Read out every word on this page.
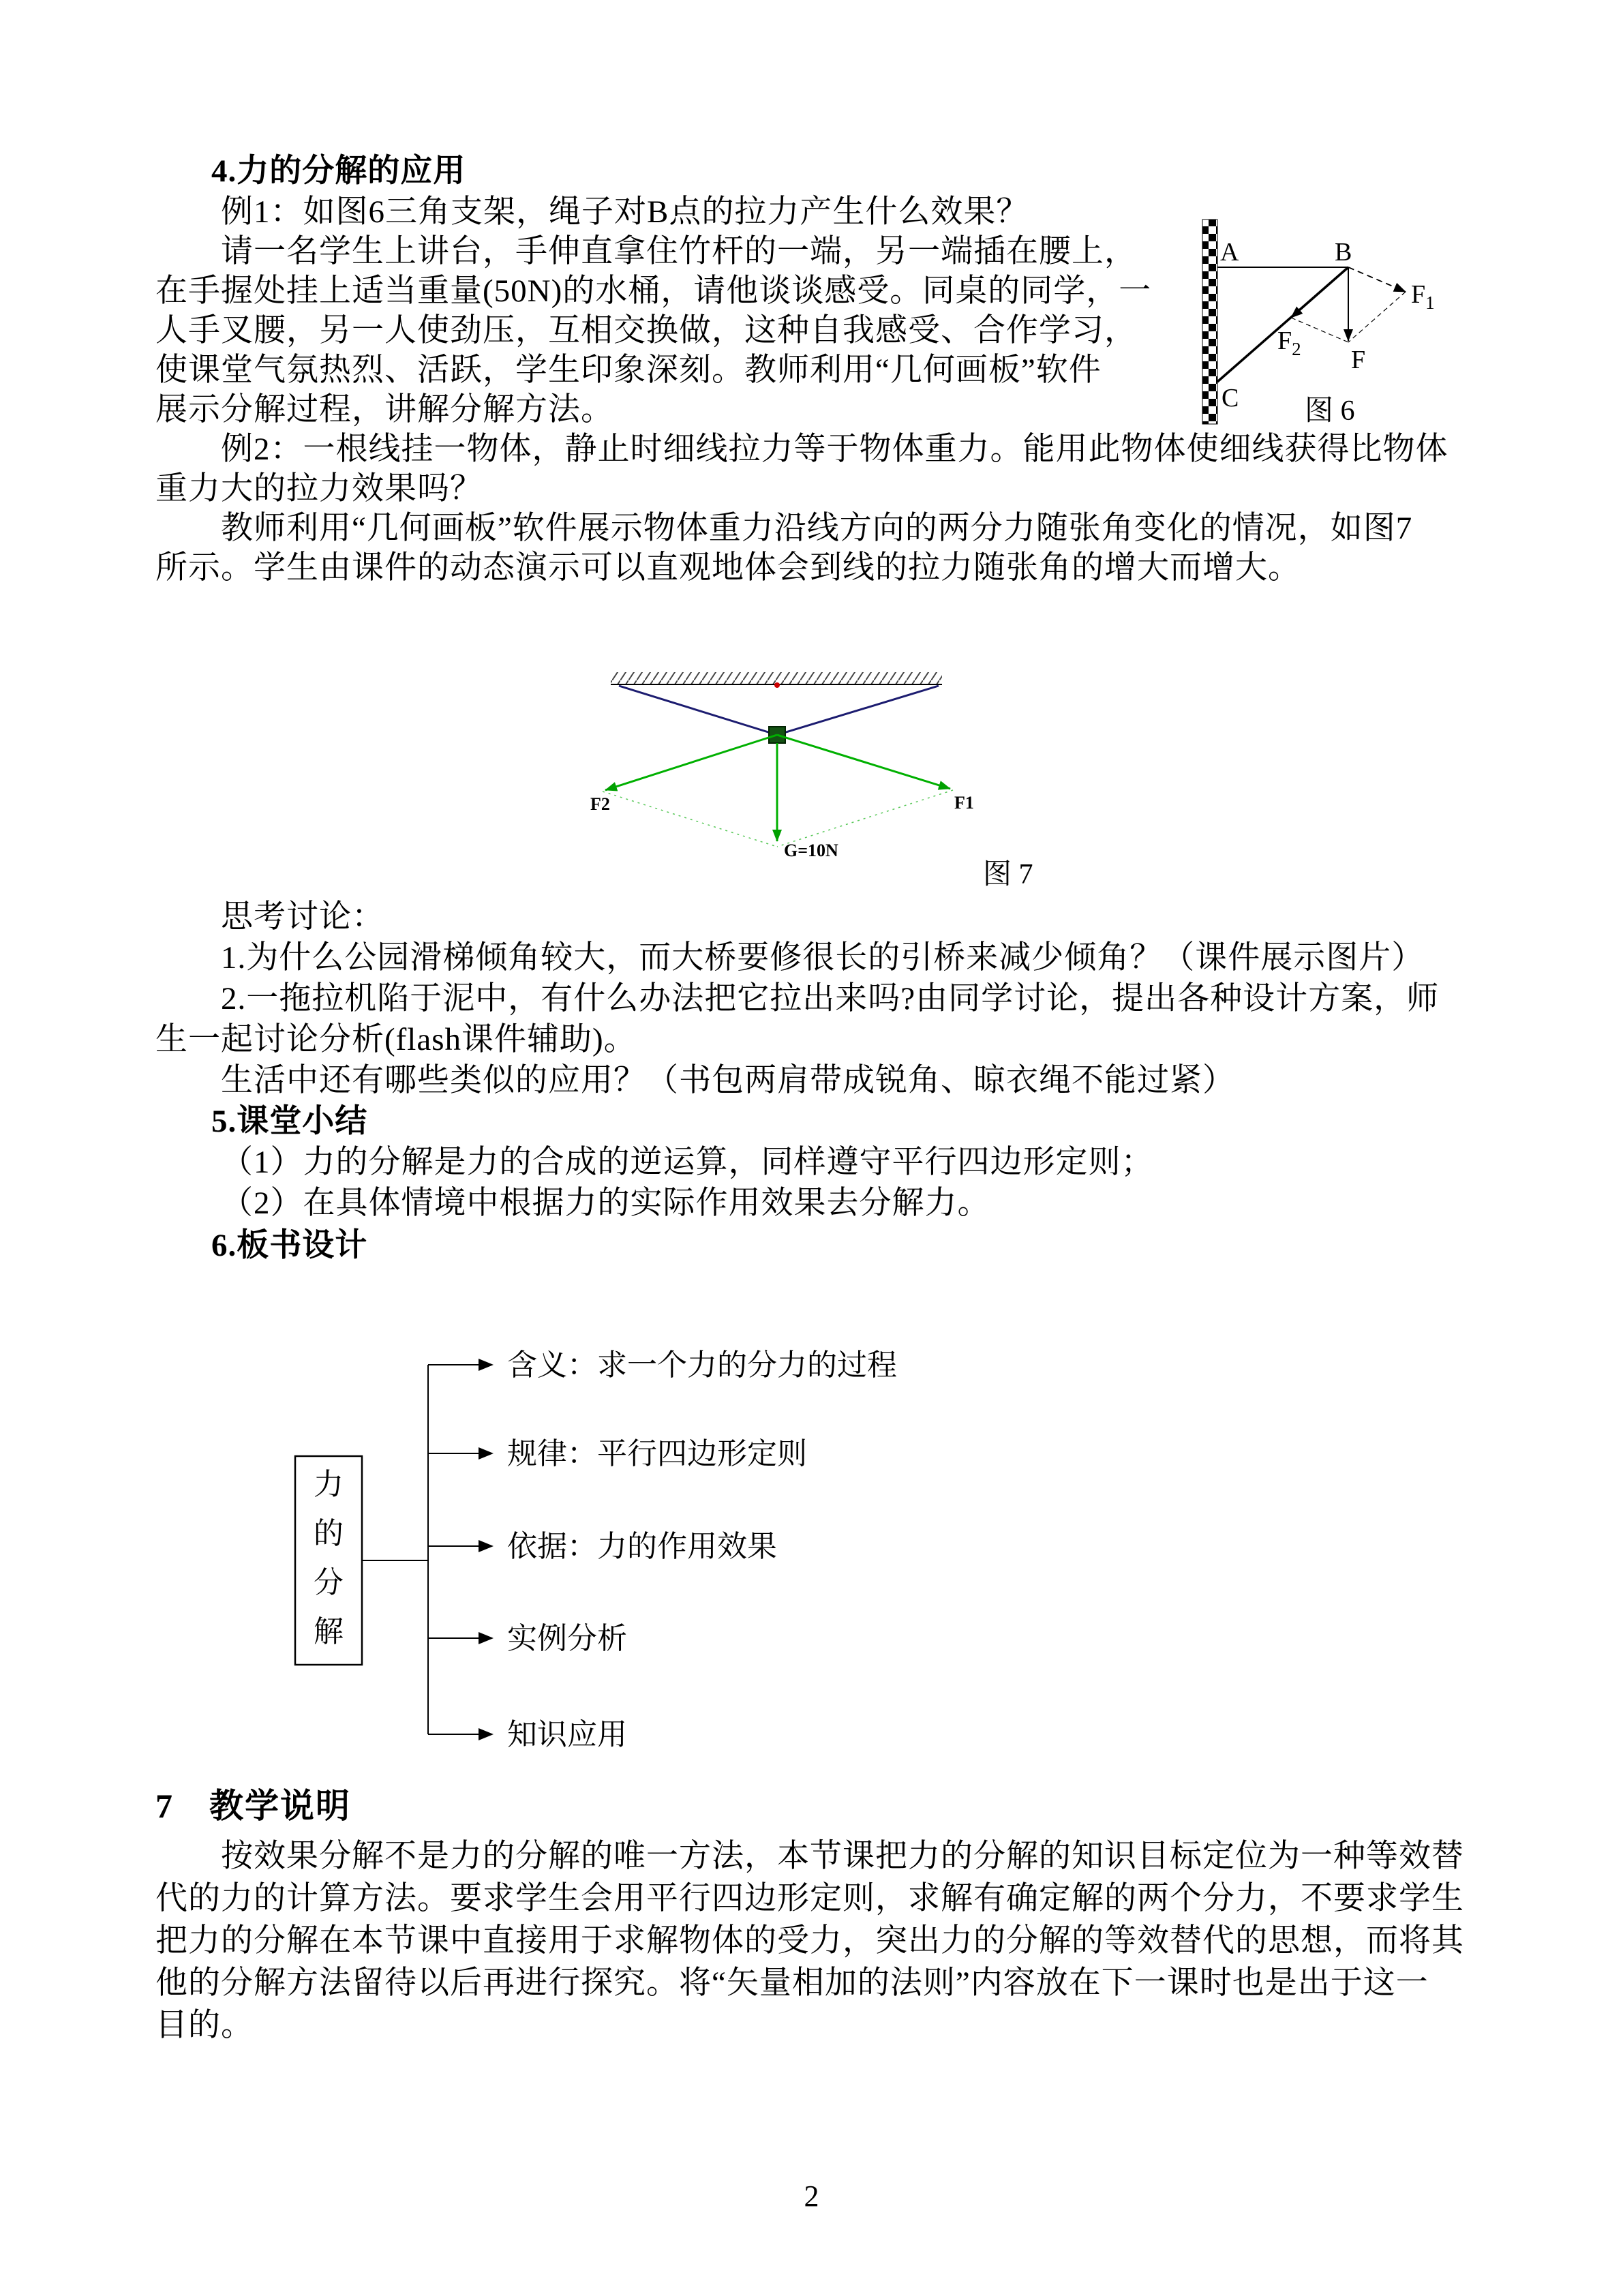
4.力的分解的应用
例1：如图6三角支架，绳子对B点的拉力产生什么效果？
请一名学生上讲台，手伸直拿住竹杆的一端，另一端插在腰上，
在手握处挂上适当重量(50N)的水桶，请他谈谈感受。同桌的同学，一
人手叉腰，另一人使劲压，互相交换做，这种自我感受、合作学习，
使课堂气氛热烈、活跃，学生印象深刻。教师利用“几何画板”软件
展示分解过程，讲解分解方法。
例2：一根线挂一物体，静止时细线拉力等于物体重力。能用此物体使细线获得比物体
重力大的拉力效果吗？
教师利用“几何画板”软件展示物体重力沿线方向的两分力随张角变化的情况，如图7
所示。学生由课件的动态演示可以直观地体会到线的拉力随张角的增大而增大。
思考讨论：
1.为什么公园滑梯倾角较大，而大桥要修很长的引桥来减少倾角？（课件展示图片）
2.一拖拉机陷于泥中，有什么办法把它拉出来吗?由同学讨论，提出各种设计方案，师
生一起讨论分析(flash课件辅助)。
生活中还有哪些类似的应用？（书包两肩带成锐角、晾衣绳不能过紧）
5.课堂小结
（1）力的分解是力的合成的逆运算，同样遵守平行四边形定则；
（2）在具体情境中根据力的实际作用效果去分解力。
6.板书设计
7　教学说明
按效果分解不是力的分解的唯一方法，本节课把力的分解的知识目标定位为一种等效替
代的力的计算方法。要求学生会用平行四边形定则，求解有确定解的两个分力，不要求学生
把力的分解在本节课中直接用于求解物体的受力，突出力的分解的等效替代的思想，而将其
他的分解方法留待以后再进行探究。将“矢量相加的法则”内容放在下一课时也是出于这一
目的。
A	B
C
F
$F_1$
$F_2$
图 6
F2	F1
G=10N
图 7
力
的
分
解
含义：求一个力的分力的过程
规律：平行四边形定则
依据：力的作用效果
实例分析
知识应用
2
